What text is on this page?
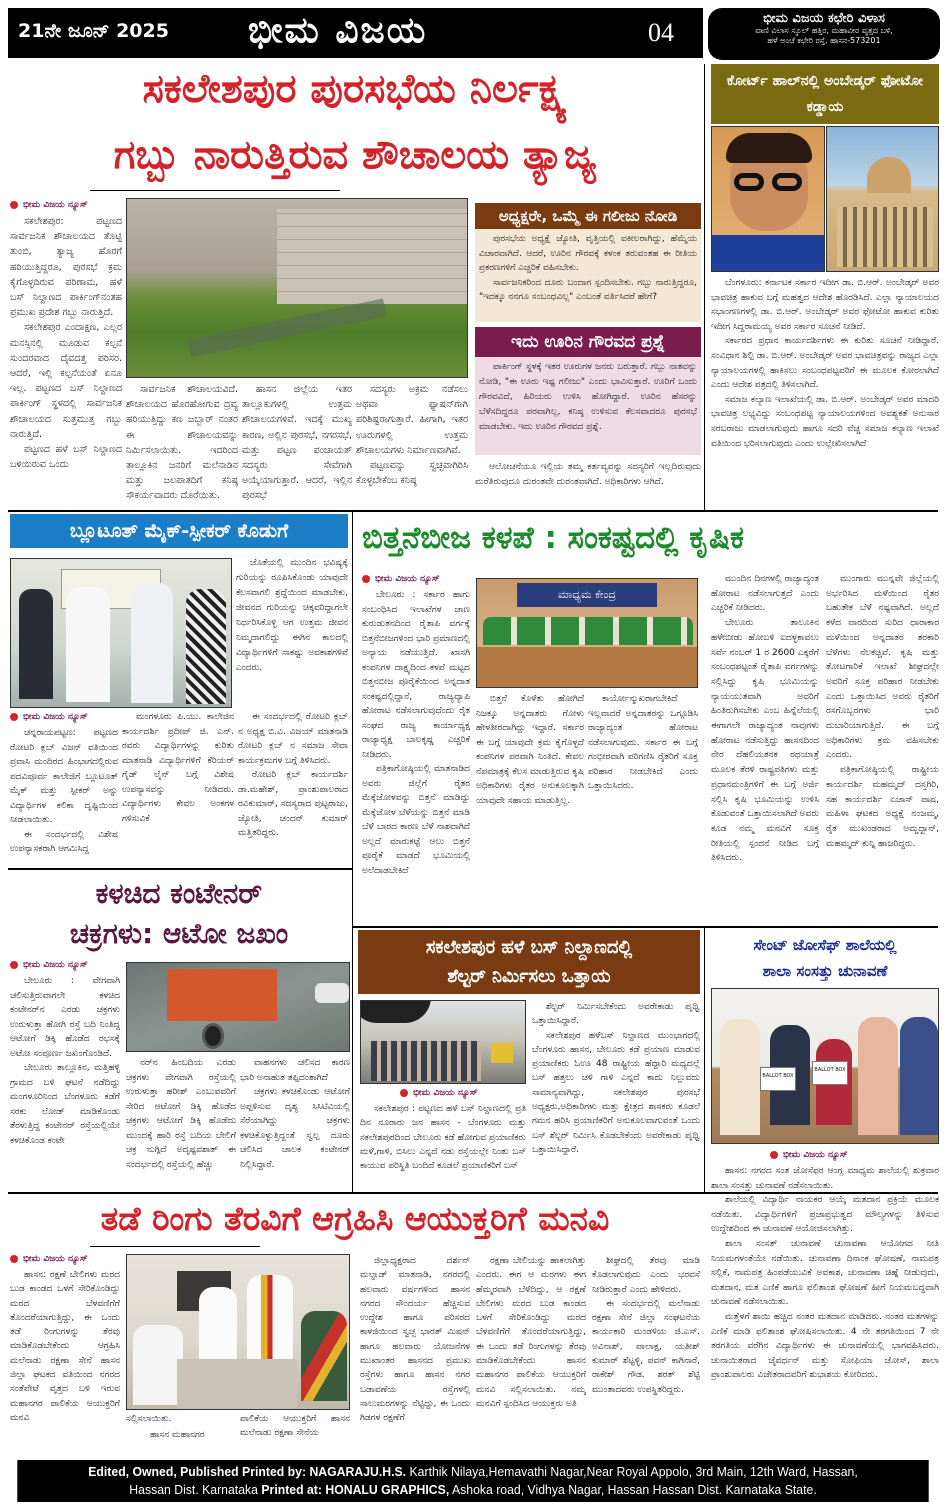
21ನೇ ಜೂನ್ 2025 ಭೀಮ ವಿಜಯ	04	ಭೀಮ ವಿಜಯ ಕಛೇರಿ ವಿಳಾಸ
ವಾಣಿ ವಿಲಾಸ ಸ್ಕೂಲ್ ಹತ್ತಿರ, ಮಹಾವೀರ ವೃತ್ತದ ಬಳಿ,
ಹಳೆ ಅಂಚೆ ಕಛೇರಿ ರಸ್ತೆ, ಹಾಸನ-573201
ಸಕಲೇಶಪುರ ಪುರಸಭೆಯ ನಿರ್ಲಕ್ಷ್ಯ
ಗಬ್ಬು ನಾರುತ್ತಿರುವ ಶೌಚಾಲಯ ತ್ಯಾಜ್ಯ
ಭೀಮ ವಿಜಯ ನ್ಯೂಸ್

ಸಕಲೇಶಪುರ: ಪಟ್ಟಣದ ಸಾರ್ವಜನಿಕ ಶೌಚಾಲಯದ ತೊಟ್ಟಿ ತುಂಬಿ, ತ್ಯಾಜ್ಯ ಹೊರಗೆ ಹರಿಯುತ್ತಿದ್ದರೂ, ಪುರಸಭೆ ಕ್ರಮ ಕೈಗೊಳ್ಳದಿರುವ ಪರಿಣಾಮ, ಹಳೆ ಬಸ್ ನಿಲ್ದಾಣದ ಪಾರ್ಕಿಂಗ್‌ನಂತಹ ಪ್ರಮುಖ ಪ್ರದೇಶ ಗಬ್ಬು ನಾರುತ್ತಿದೆ.

ಸಕಲೇಶಪುರ ಎಂದಾಕ್ಷಣ, ಎಲ್ಲರ ಮನಸ್ಸಿನಲ್ಲಿ ಮೂಡುವ ಕಲ್ಪನೆ ಸುಂದರವಾದ ದೈವದತ್ತ ಪರಿಸರ. ಆದರೆ, ಇಲ್ಲಿ ಕಲ್ಪನೆಯಂತೆ ಏನೂ ಇಲ್ಲ. ಪಟ್ಟಣದ ಬಸ್ ನಿಲ್ದಾಣದ ಪಾರ್ಕಿಂಗ್ ಸ್ಥಳದಲ್ಲಿ ಸಾರ್ವಜನಿಕ ಶೌಚಾಲಯದ ಸುತ್ತಮುತ್ತ ಗಬ್ಬು ನಾರುತ್ತಿದೆ.

ಪಟ್ಟಣದ ಹಳೆ ಬಸ್ ನಿಲ್ದಾಣದ ಬಳಿಯಿರುವ ಒಂದು

ಸಾರ್ವಜನಿಕ ಶೌಚಾಲಯವಿದೆ. ಶೌಚಾಲಯದ ಹೊರಹೋಗುವ ದ್ರವ್ಯ ಹರಿಯುತ್ತಿದ್ದು ಕಣ ಜಬ್ಬಾರ್ ನಂತರ ಈ ಶೌಚಾಲಯವನ್ನು ನಿರ್ಮಿಸಲಾಯಿತು. ಇದರಿಂದ ತಾಲ್ಲೂಕಿನ ಜನರಿಗೆ ಮಲೆನಾಡಿನ ಮತ್ತು ಜಲಪಾತದಿಗೆ ಕನಿಷ್ಠ ಸೌಕರ್ಯವಾದರು ದೊರೆಯಿತು.

ಹಾಸನ ಜಿಲ್ಲೆಯ ಇತರ ತಾಲ್ಲೂಕುಗಳಲ್ಲಿ ಉತ್ತಮ ಶೌಚಾಲಯಗಳಿವೆ. ಇದಕ್ಕೆ ಮುಖ್ಯ ಕಾರಣ, ಅಲ್ಲಿನ ಪುರಸಭೆ, ನಗರಸಭೆ, ಮತ್ತು ಪಟ್ಟಣ ಪಂಚಾಯತ್ ಸದಸ್ಯರು ಸೇವೆಗಾಗಿ ಅಯ್ಕೆಯಾಗುತ್ತಾರೆ. ಆದರೆ, ಇಲ್ಲಿನ ಪುರಸಭೆ

ಸದಸ್ಯರು ಅಕ್ರಮ ನಡೆಸಲು ಅಥವಾ ಫ್ಯಾಷನ್‌ಗಾಗಿ ಪರಿಶಿಷ್ಟರಾಗುತ್ತಾರೆ. ಹೀಗಾಗಿ, ಇತರ ಊರುಗಳಲ್ಲಿ ಉತ್ತಮ ಶೌಚಾಲಯಗಳು ನಿರ್ಮಾಣವಾಗಿವೆ.

ಪಟ್ಟಣವನ್ನು ಸ್ವಚ್ಛವಾಗಿರಿಸಿ ಕೊಳ್ಳಬೇಕೆಂಬ ಕನಿಷ್ಠ

ಅಧ್ಯಕ್ಷರೇ, ಒಮ್ಮೆ ಈ ಗಲೀಜು ನೋಡಿ

ಪುರಸಭೆಯ ಅಧ್ಯಕ್ಷೆ ಜ್ಯೋತಿ, ವೃತ್ತಿಯಲ್ಲಿ ವಕೀಲರಾಗಿದ್ದು, ಹೆಮ್ಮೆಯ ವಿಚಾರವಾಗಿದೆ. ಆದರೆ, ಊರಿನ ಗೌರವಕ್ಕೆ ಕಳಂಕ ತರುವಂತಹ ಈ ರೀತಿಯ ಪ್ರಕರಣಗಳಿಗೆ ಎಚ್ಚರಿಕೆ ವಹಿಸಬೇಕು.

ಸಾರ್ವಜನಿಕರಿಂದ ದೂರು ಬಂದಾಗ ಸ್ಪಂದಿಸಬೇಕು. ಗಬ್ಬು ನಾರುತ್ತಿದ್ದರೂ, "ಇದಕ್ಕೂ ನನಗೂ ಸಂಬಂಧವಿಲ್ಲ" ಎಂಬಂತೆ ವರ್ತಿಸಿದರೆ ಹೇಗೆ?

ಇದು ಊರಿನ ಗೌರವದ ಪ್ರಶ್ನೆ

ಪಾರ್ಕಿಂಗ್ ಸ್ಥಳಕ್ಕೆ ಇತರ ಊರುಗಳ ಜನರು ಬರುತ್ತಾರೆ. ಗಬ್ಬು ನಾತವನ್ನು ನೋಡಿ, "ಈ ಊರು ಇಷ್ಟ ಗಲೀಜು" ಎಂದು ಭಾವಿಸುತ್ತಾರೆ. ಊರಿಗೆ ಒಂದು ಗೌರವವಿದೆ, ಹಿರಿಯರು ಉಳಿಸಿ ಹೋಗಿದ್ದಾರೆ. ಊರಿನ ಹೆಸರನ್ನು ಬೆಳೆಸದಿದ್ದರೂ ಪರವಾಗಿಲ್ಲ, ಕನಿಷ್ಠ ಉಳಿಸುವ ಕೆಲಸವಾದರೂ ಪುರಸಭೆ ಮಾಡಬೇಕು. ಇದು ಊರಿನ ಗೌರವದ ಪ್ರಶ್ನೆ.

ಆಲೋಚನೆಯೂ ಇಲ್ಲಿಯ ತಮ್ಮ ಕರ್ತವ್ಯವನ್ನು ಸದಸ್ಯರಿಗೆ ಇಲ್ಲದಿರುವುದು ಮರೆತಿರುವುದೂ ದುರಂತವೇ ದುರಂತವಾಗಿದೆ. ಅಧಿಕಾರಿಗಳು ಆಗಿದೆ.

ಕೋರ್ಟ್ ಹಾಲ್‌ನಲ್ಲಿ ಅಂಬೇಡ್ಕರ್ ಫೋಟೋ ಕಡ್ಡಾಯ

ಬೆಂಗಳೂರು: ಕರ್ನಾಟಕ ಸರ್ಕಾರ ಇದೀಗ ಡಾ. ಬಿ.ಆರ್. ಅಂಬೇಡ್ಕರ್ ಅವರ ಭಾವಚಿತ್ರ ಹಾಕುವ ಬಗ್ಗೆ ಮಹತ್ವದ ಆದೇಶ ಹೊರಡಿಸಿದೆ. ಎಲ್ಲಾ ನ್ಯಾಯಾಲಯದ ಸಭಾಂಗಣಗಳಲ್ಲಿ ಡಾ. ಬಿ.ಆರ್. ಅಂಬೇಡ್ಕರ್ ಅವರ ಫೋಟೋ ಹಾಕುವ ಕುರಿತು ಇದೀಗ ಸಿದ್ದರಾಮಯ್ಯ ಅವರ ಸರ್ಕಾರ ಸೂಚನೆ ನೀಡಿದೆ.

ಸರ್ಕಾರದ ಪ್ರಧಾನ ಕಾರ್ಯದರ್ಶಿಗಳು ಈ ಕುರಿತು ಸೂಚನೆ ನೀಡಿದ್ದಾರೆ. ಸಂವಿಧಾನ ಶಿಲ್ಪಿ ಡಾ. ಬಿ.ಆರ್. ಅಂಬೇಡ್ಕರ್ ಅವರ ಭಾವಚಿತ್ರವನ್ನು ರಾಜ್ಯದ ಎಲ್ಲಾ ನ್ಯಾಯಾಲಯಗಳಲ್ಲಿ ಹಾಕಿಸಲು ಸಂಬಂಧಪಟ್ಟವರಿಗೆ ಈ ಮೂಲಕ ಕೋರಲಾಗಿದೆ ಎಂದು ಆದೇಶ ಪತ್ರದಲ್ಲಿ ತಿಳಿಸಲಾಗಿದೆ.

ಸಮಾಜ ಕಲ್ಯಾಣ ಇಲಾಖೆಯಲ್ಲಿ ಡಾ. ಬಿ.ಆರ್. ಅಂಬೇಡ್ಕರ್ ಅವರ ಮಾದರಿ ಭಾವಚಿತ್ರ ಲಭ್ಯವಿದ್ದು ಸಂಬಂಧಪಟ್ಟ ನ್ಯಾಯಾಲಯಗಳಿಂದ ಅವಶ್ಯಕತೆ ಅನುಸಾರ ಸರಬರಾಜು ಮಾಡಲಾಗುವುದು ಹಾಗೂ ಸದರಿ ವೆಚ್ಚ ಸಮಾಜ ಕಲ್ಯಾಣ ಇಲಾಖೆ ವತಿಯಿಂದ ಭರಿಸಲಾಗುವುದು ಎಂದು ಉಲ್ಲೇಖಿಸಲಾಗಿದೆ

ಬ್ಲೂಟೂತ್ ಮೈಕ್-ಸ್ಪೀಕರ್ ಕೊಡುಗೆ

ಜೊತೆಯಲ್ಲಿ ಮುಂದಿನ ಭವಿಷ್ಯಕ್ಕೆ ಗುರಿಯನ್ನು ರೂಪಿಸಿಕೊಂಡು ಯಾವುದೇ ಕೆಲಸವಾಗಲಿ ಶ್ರದ್ಧೆಯಿಂದ ಮಾಡಬೇಕು, ಜೀವನದ ಗುರಿಯನ್ನು ಚಿಕ್ಕವರಿದ್ದಾಗಲೇ ನಿರ್ಧರಿಸಿಕೊಳ್ಳಿ ಆಗ ಉತ್ತಮ ಜೀವನ ನಿಮ್ಮದಾಗಲಿದ್ದು ಈಗಿನ ಕಾಲದಲ್ಲಿ ವಿದ್ಯಾರ್ಥಿಗಳಿಗೆ ಸಾಕಷ್ಟು ಅವಕಾಶಗಳಿವೆ ಎಂದರು.

ಭೀಮ ವಿಜಯ ನ್ಯೂಸ್

ಚನ್ನರಾಯಪಟ್ಟಣ: ಪಟ್ಟಣದ ರೋಟರಿ ಕ್ಲಬ್ ವಿಜನ್ ವತಿಯಿಂದ ಪ್ರವಾಸಿ ಮಂದಿರದ ಹಿಂಭಾಗದಲ್ಲಿರುವ ಪದವಿಪೂರ್ವ ಕಾಲೇಜಿಗೆ ಬ್ಲೂಟೂತ್ ಮೈಕ್ ಮತ್ತು ಸ್ಪೀಕರ್ ಅನ್ನು ವಿದ್ಯಾರ್ಥಿಗಳ ಕಲಿಕಾ ದೃಷ್ಟಿಯಿಂದ ನೀಡಲಾಯಿತು.

ಈ ಸಂದರ್ಭದಲ್ಲಿ ವಿಶೇಷ ಉಪನ್ಯಾಸಕರಾಗಿ ಆಗಮಿಸಿದ್ದ

ಮಂಗಳೂರು ಪಿ.ಯು. ಕಾಲೇಜಿನ ಕಾರ್ಯದರ್ಶಿ ಪ್ರದೀಪ್ ಜಿ. ಎನ್. ರವರು ವಿದ್ಯಾರ್ಥಿಗಳನ್ನು ಕುರಿತು ಮಾತನಾಡಿ ವಿದ್ಯಾರ್ಥಿಗಳಿಗೆ ಕೆರಿಯರ್ ಗೈಡ್ ಲೈನ್ ಬಗ್ಗೆ ವಿಶೇಷ ಉಪನ್ಯಾಸವನ್ನು ನೀಡಿದರು. ವಿದ್ಯಾರ್ಥಿಗಳು ಕೇವಲ ಅಂಕಗಳ ಗಳಿಸುವಿಕೆ

ಈ ಸಂದರ್ಭದಲ್ಲಿ ರೋಟರಿ ಕ್ಲಬ್ ನ ಅಧ್ಯಕ್ಷ ಬಿ.ವಿ. ವಿಜಯ್ ಮಾತನಾಡಿ ರೋಟರಿ ಕ್ಲಬ್ ನ ಸಮಾಜ ಸೇವಾ ಕಾರ್ಯಕ್ರಮಗಳ ಬಗ್ಗೆ ತಿಳಿಸಿದರು.

ರೋಟರಿ ಕ್ಲಬ್ ಕಾರ್ಯದರ್ಶಿ ಡಾ.ಮಹೇಶ್, ಪ್ರಾಂಶುಪಾಲರಾದ ರವಿಕುಮಾರ್, ಸದಸ್ಯರಾದ ಪುಟ್ಟರಾಜು, ಜ್ಯೋತಿ, ಚಂದನ್ ಕುಮಾರ್ ಮತ್ತಿತರಿದ್ದರು.

ಬಿತ್ತನೆಬೀಜ ಕಳಪೆ : ಸಂಕಷ್ಟದಲ್ಲಿ ಕೃಷಿಕ
ಭೀಮ ವಿಜಯ ನ್ಯೂಸ್

ಬೇಲೂರು : ಸರ್ಕಾರ ಹಾಗು ಸಂಬಂಧಿಸಿದ ಇಲಾಖೆಗಳ ಜಾಣ ಕುರುಡುತನದಿಂದ ರೈತಾಪಿ ವರ್ಗಕ್ಕೆ ಬಿತ್ತನೆಬೀಜಗಳಿಂದ ಭಾರಿ ಪ್ರಮಾಣದಲ್ಲಿ ಅನ್ಯಾಯ ನಡೆಯುತ್ತಿದೆ. ಖಾಸಗಿ ಕಂಪನಿಗಳ ದಾಕ್ಷ್ಯದಿಂದ ಕಳಪೆ ಮಟ್ಟದ ಬಿತ್ತನಬೀಜ ಪೂರೈಕೆಯಿಂದ ಅನ್ನದಾತ ಸಂಕಷ್ಟದಲ್ಲಿದ್ದಾನೆ, ರಾಜ್ಯವ್ಯಾಪಿ ಹೋರಾಟ ನಡೆಸಲಾಗುವುದೆಂದು ರೈತ ಸಂಘದ ರಾಜ್ಯ ಕಾರ್ಯಾಧ್ಯಕ್ಷ ರಾಜ್ಯಾಧ್ಯಕ್ಷ ಬಾಲಕೃಷ್ಣ ಎಚ್ಚರಿಕೆ ನೀಡಿದರು.

ಪತ್ರಿಕಾಗೋಷ್ಠಿಯಲ್ಲಿ ಮಾತನಾಡಿದ ಅವರು ಜಿಲ್ಲೆಗೆ ರೈತರ ಮೆಕ್ಕೆಜೋಳವನ್ನು ಬಿತ್ತನೆ ಮಾಡಿದ್ದು ಮೆಕ್ಕೆಜೋಳ ಬೆಳೆಯನ್ನು ಬಿತ್ತನೆ ಮಾಡಿ ಬೆಳೆ ಬಾರದ ಕಾರಣ ಬೆಳೆ ನಾಶವಾಗಿದೆ ಅಲ್ಲದೆ ಮಾರುಕಟ್ಟೆ ಆಲು ಬಿತ್ತನೆ ಪೂರೈಕೆ ಮಾಡದೆ ಭೂಮಿಯಲ್ಲಿ ಅಲೆದಾಡಬೇಕಿದೆ

ಮಾಧ್ಯಮ ಕೇಂದ್ರ

ಬಿತ್ತನೆ ಕೊಳೆತು ಹೋಗಿದೆ ನಿಜಕ್ಕೂ ಅನ್ನದಾತರು ಗೋಳು ಹೇಳತೀರದಾಗಿದ್ದು ಇದ್ದಾರೆ. ಸರ್ಕಾರ ಈ ಬಗ್ಗೆ ಯಾವುದೇ ಕ್ರಮ ಕೈಗೊಳ್ಳದೆ ಕಂಪನಿಗಳ ಪರವಾಗಿ ನಿಂತಿದೆ. ಕೇವಲ ನೆಪಮಾತ್ರಕ್ಕೆ ಕೆಲಸ ಮಾಡುತ್ತಿರುವ ಕೃಷಿ ಅಧಿಕಾರಿಗಳು ರೈತರ ಅನುಕೂಲಕ್ಕಾಗಿ ಯಾವುದೇ ಸಹಾಯ ಮಾಡುತ್ತಿಲ್ಲ.

ಕಾರ್ಯೋನ್ಮುಖರಾಗಬೇಕಿದೆ ಇಲ್ಲವಾದರೆ ಅನ್ನದಾತರನ್ನು ಒಗ್ಗೂಡಿಸಿ ರಾಜ್ಯಾದ್ಯಂತ ಹೋರಾಟ ನಡೆಸಲಾಗುವುದು. ಸರ್ಕಾರ ಈ ಬಗ್ಗೆ ಗಂಭೀರವಾಗಿ ಪರಿಗಣಿಸಿ ರೈತರಿಗೆ ಸೂಕ್ತ ಪರಿಹಾರ ನೀಡಬೇಕಿದೆ ಎಂದು ಒತ್ತಾಯಿಸಿದರು.

ಮುಂದಿನ ದಿನಗಳಲ್ಲಿ ರಾಜ್ಯಾದ್ಯಂತ ಹೋರಾಟ ನಡೆಸಲಾಗುತ್ತದೆ ಎಂದು ಎಚ್ಚರಿಕೆ ನೀಡಿದರು.

ಬೇಲೂರು ತಾಲೂಕಿನ ಹಳೇಬೀಡು ಹೋಬಳಿ ಐದಳ್ಳಕಾವಲು ಸರ್ವೆ ನಂಬರ್ 1 ರ 2600 ಎಕ್ಕರೆಗೆ ಸಂಬಂಧಪಟ್ಟಂತೆ ರೈತಾಪಿ ವರ್ಗಗಳನ್ನು ಸಲ್ಲಿಸಿದ್ದು ಕೃಷಿ ಭೂಮಿಯನ್ನು ನ್ಯಾಯಯುತವಾಗಿ ಅವರಿಗೆ ಹಿಂತಿರುಗಿಸಬೇಕು ಎಂಬ ಹಿನ್ನೆಲೆಯಲ್ಲಿ ಈಗಾಗಲೇ ರಾಜ್ಯಾದ್ಯಂತ ನಾವುಗಳು ಹೋರಾಟ ನಡೆಸುತ್ತಿದ್ದು ಹಾಸನದಿಂದ ನೇರ ದೆಹಲಿಯತನಕ ರಥಯಾತ್ರೆ ಮೂಲಕ ತೆರಳಿ ರಾಷ್ಟ್ರಪತಿಗಳು ಮತ್ತು ಪ್ರಧಾನಮಂತ್ರಿಗಳಿಗೆ ಈ ಬಗ್ಗೆ ಅರ್ಜಿ ಸಲ್ಲಿಸಿ ಕೃಷಿ ಭೂಮಿಯನ್ನು ಉಳಿಸಿ ಕೊಡುವಂತೆ ಒತ್ತಾಯಿಸಲಾಗಿದೆ ಅವರು ಕೂಡ ನಮ್ಮ ಮನವಿಗೆ ಸೂಕ್ತ ರೀತಿಯಲ್ಲಿ ಸ್ಪಂದನೆ ನೀಡಿದ ಬಗ್ಗೆ ತಿಳಿಸಿದರು.

ಮುಂಗಾರು ಮುನ್ನವೇ ಜಿಲ್ಲೆಯಲ್ಲಿ ಅರ್ಭರಿಸಿದ ಮಳೆಯಿಂದ ರೈತರ ಬಹುತೇಕ ಬೆಳೆ ನಷ್ಟವಾಗಿದೆ. ಅಲ್ಲದೆ ಕಳೆದ ವಾರದಿಂದ ಸುರಿದ ಧಾರಾಕಾರ ಮಳೆಯಿಂದ ಅನ್ನದಾತರ ತರಕಾರಿ ಬೆಳೆಗಳು ನೆಲಕಚ್ಚಿವೆ. ಕೃಷಿ ಮತ್ತು ತೋಟಗಾರಿಕೆ ಇಲಾಖೆ ಶೀಘ್ರದಲ್ಲೇ ಅವರಿಗೆ ಸೂಕ್ತ ಪರಿಹಾರ ನೀಡಬೇಕು ಎಂದು ಒತ್ತಾಯಿಸಿದ ಅವರು ರೈತರಿಗೆ ರಸಗೊಬ್ಬರಗಳು ಭಾರಿ ದುಬಾರಿಯಾಗುತ್ತಿದೆ. ಈ ಬಗ್ಗೆ ಅಧಿಕಾರಿಗಳು ಕ್ರಮ ವಹಿಸಬೇಕು ಎಂದರು.

ಪತ್ರಿಕಾಗೋಷ್ಠಿಯಲ್ಲಿ ರಾಷ್ಟ್ರೀಯ ಕಾರ್ಯದರ್ಶಿ ಮಹಮ್ಮದ್ ದಸ್ತಗಿರಿ, ಸಹ ಕಾರ್ಯದರ್ಶಿ ಏಜಾಸ್ ಪಾಷ, ಮಹಿಳಾ ಘಟಕದ ಅಧ್ಯಕ್ಷೆ ನಂಜಮ್ಮ, ರೈತ ಮುಖಂಡರಾದ ಅಮ್ಜದ್ಖಾನ್, ಮಹಮ್ಮದ್ ಕುನ್ನಿ ಹಾಜರಿದ್ದರು.

ಕಳಚಿದ ಕಂಟೇನರ್
ಚಕ್ರಗಳು: ಆಟೋ ಜಖಂ
ಭೀಮ ವಿಜಯ ನ್ಯೂಸ್

ಬೇಲೂರು : ವೇಗವಾಗಿ ಚಲಿಸುತ್ತಿರುವಾಗಲೇ ಕಳಚಿದ ಕಂಟೇನರ್‌ನ ಎರಡು ಚಕ್ರಗಳು ಉರುಳುತ್ತಾ ಹೋಗಿ ರಸ್ತೆ ಬದಿ ನಿಂತಿದ್ದ ಆಟೋಗೆ ಡಿಕ್ಕಿ ಹೊಡೆದ ರಭಸಕ್ಕೆ ಅಟೋ ಸಂಪೂರ್ಣ ಜಖಂಗೊಂಡಿದೆ.

ಬೇಲೂರು ತಾಲ್ಲೂಕಿನ, ಮತ್ತಿಹಳ್ಳಿ ಗ್ರಾಮದ ಬಳಿ ಘಟನೆ ನಡೆದಿದ್ದು ಮಂಗಳೂರಿನಿಂದ ಬೆಂಗಳೂರು ಕಡೆಗೆ ಸರಕು ಲೋಡ್ ಮಾಡಿಕೊಂಡು ತೆರಳುತ್ತಿದ್ದ ಕಂಟೇನರ್ ರಸ್ತೆಯಲ್ಲಿಯೇ ಕಳಚಿಕೊಂಡ ಕಂಟೇ

ನರ್‌ನ ಹಿಂಬದಿಯ ಎರಡು ಚಕ್ರಗಳು ವೇಗವಾಗಿ ರಸ್ತೆಯಲ್ಲಿ ಉರುಳುತ್ತಾ ಹರೀಶ್ ಎಂಬುವವರಿಗೆ ಸೇರಿದ ಆಟೋಗೆ ಡಿಕ್ಕಿ ಹೊಡೆದ ಚಕ್ರಗಳು ಆಟೋಗೆ ಡಿಕ್ಕಿ ಹೊಡೆದು ಮುಂದಕ್ಕೆ ಹಾರಿ ರಸ್ತೆ ಬದಿಯ ಬೇಲಿಗೆ ಚಕ್ರ ನುಗ್ಗಿದೆ ಅದೃಷ್ಟವಶಾತ್ ಈ ಸಂದರ್ಭದಲ್ಲಿ ರಸ್ತೆಯಲ್ಲಿ ಹೆಚ್ಚು

ವಾಹನಗಳು ಚಲಿಸದ ಕಾರಣ ಭಾರಿ ಅನಾಹುತ ತಪ್ಪಿದಂತಾಗಿದೆ

ಚಕ್ರಗಳು ಕಳಚಿಕೊಂಡು ಆಟೋಗೆ ಅಪ್ಪಳಿಸುವ ದೃಶ್ಯ ಸಿಸಿಟಿವಿಯಲ್ಲಿ ಸೆರೆಯಾಗಿದ್ದು ಚಕ್ರಗಳು ಕಳಚಿಕೊಳ್ಳುತ್ತಿದ್ದಂತೆ ಸ್ವಲ್ಪ ದೂರು ಚಲಿಸಿದ ಚಾಲಕ ಕಂಟೇನರ್ ನಿಲ್ಲಿಸಿದ್ದಾರೆ.

ಸಕಲೇಶಪುರ ಹಳೆ ಬಸ್ ನಿಲ್ದಾಣದಲ್ಲಿ
ಶೆಲ್ಟರ್ ನಿರ್ಮಿಸಲು ಒತ್ತಾಯ
ಭೀಮ ವಿಜಯ ನ್ಯೂಸ್

ಸಕಲೇಶಪುರ : ಪಟ್ಟಣದ ಹಳೆ ಬಸ್ ನಿಲ್ದಾಣದಲ್ಲಿ ಪ್ರತಿ ದಿನ ನೂರಾರು ಜನ ಹಾಸನ - ಬೆಂಗಳೂರು ಮತ್ತು ಸಕಲೇಶಪುರದಿಂದ ಬೇಲೂರು ಕಡೆ ಹೋಗುವ ಪ್ರಯಾಣಿಕರು ಮಳೆ,ಗಾಳಿ, ಬಿಸಿಲು ಎನ್ನದೆ ನಡು ರಸ್ತೆಯಲ್ಲೇ ನಿಂತು ಬಸ್ ಕಾಯುವ ಪರಿಸ್ಥಿತಿ ಬಂದಿದೆ ಕೂಡಲೆ ಪ್ರಯಾಣಿಕರಿಗೆ ಬಸ್

ಶೆಲ್ಟರ್ ನಿರ್ಮಿಸಬೇಕೆಂದು ಅವರೇಕಾಡು ಪೃಥ್ವಿ ಒತ್ತಾಯಿಸಿದ್ದಾರೆ.

ಸಕಲೇಶಪುರ ಹಳೆಬಸ್ ನಿಲ್ದಾಣದ ಮುಂಭಾಗದಲ್ಲಿ ಬೆಂಗಳೂರು ಹಾಸನ, ಬೇಲೂರು ಕಡೆ ಪ್ರಯಾಣ ಮಾಡುವ ಪ್ರಯಾಣಿಕರು ಓಊ 48 ರಾಷ್ಟ್ರೀಯ ಹೆದ್ದಾರಿ ಮಧ್ಯದಲ್ಲೆ ಬಸ್ ಹತ್ತಲು ಚಳಿ ಗಾಳಿ ಎನ್ನದೆ ಕಾದು ನಿಲ್ಲುವದು ಸಾಮಾನ್ಯವಾಗಿದ್ದು, ಸಕಲೇಶಪುರ ಪುರಸಭೆ ಅಧ್ಯಕ್ಷರು,ಅಧಿಕಾರಿಗಳು ಮತ್ತು ಕ್ಷೇತ್ರದ ಶಾಸಕರು ಕೂಡಲೆ ಗಮನ ಹರಿಸಿ ಪ್ರಯಾಣಿಕರಿಗೆ ಅನುಕೂಲವಾಗುವಂತೆ ಒಂದು ಬಸ್ ಶೆಲ್ಟರ್ ನಿರ್ಮಿಸಿ ಕೊಡಬೇಕೆಂದು ಅವರೇಕಾಡು ಪೃಥ್ವಿ ಒತ್ತಾಯಿಸಿದ್ದಾರೆ.

ಸೇಂಟ್ ಜೋಸೆಫ್ ಶಾಲೆಯಲ್ಲಿ
ಶಾಲಾ ಸಂಸತ್ತು ಚುನಾವಣೆ
BALLOT BOX
BALLOT BOX
ಭೀಮ ವಿಜಯ ನ್ಯೂಸ್

ಹಾಸನ: ನಗರದ ಸಂತ ಜೋಸೆಫರ ಆಂಗ್ಲ ಮಾಧ್ಯಮ ಶಾಲೆಯಲ್ಲಿ ಶುಕ್ರವಾರ ಶಾಲಾ ಸಂಸತ್ತು ಚುನಾವಣೆ ನಡೆಸಲಾಯಿತು.

ಶಾಲೆಯಲ್ಲಿ ವಿದ್ಯಾರ್ಥಿ ನಾಯಕರ ಆಯ್ಕೆ ಮತದಾನ ಪ್ರಕ್ರಿಯೆ ಮೂಲಕ ನಡೆಯಿತು. ವಿದ್ಯಾರ್ಥಿಗಳಿಗೆ ಪ್ರಜಾಪ್ರಭುತ್ವದ ಮೌಲ್ಯಗಳನ್ನು ತಿಳಿಸುವ ಉದ್ದೇಶದಿಂದ ಈ ಚುನಾವಣೆ ಆಯೋಜಿಸಲಾಗಿತ್ತು.

ಶಾಲಾ ಸಂಸತ್ ಚುನಾವಣೆ ಚುನಾವಣಾ ಆಯೋಗದ ನೀತಿ ನಿಯಮಗಳಂತೆಯೇ ನಡೆಯಿತು. ಚುನಾವಣಾ ದಿನಾಂಕ ಘೋಷಣೆ, ನಾಮಪತ್ರ ಸಲ್ಲಿಕೆ, ನಾಮಪತ್ರ ಹಿಂಪಡೆಯುವಿಕೆ ಅವಕಾಶ, ಚುನಾವಣಾ ಚಿಹ್ನೆ ನೀಡುವುದು, ಮತದಾನ, ಮತ ಎಣಿಕೆ ಹಾಗೂ ಫಲಿತಾಂಶ ಘೋಷಣೆ ಹೀಗೆ ನಿಯಮಬದ್ಧವಾಗಿ ಚುನಾವಣೆ ನಡೆಸಲಾಯಿತು.

ಮತ್ತೆಳಗೆ ಶಾಯಿ ಹಚ್ಚಿದ ನಂತರ ಮತದಾನ ಮಾಡಿದರು. ನಂತರ ಮತಗಳನ್ನು ಎಣಿಕೆ ಮಾಡಿ ಫಲಿತಾಂಶ ಘೋಷಿಸಲಾಯಿತು. 4 ನೇ ತರಗತಿಯಿಂದ 7 ನೇ ತರಗತಿಯ ವರೆಗಿನ ವಿದ್ಯಾರ್ಥಿಗಳು ಈ ಚುನಾವಣೆಯಲ್ಲಿ ಭಾಗವಹಿಸಿದರು. ಚುನಾಯಿತರಾದ ಜೈವರ್ಧನ್ ಮತ್ತು ಸೋಫಿಯಾ ಜೋಸ್, ಶಾಲಾ ಪ್ರಾಂಶುಪಾಲರು ವಿಜೇತರಾದವರಿಗೆ ಶುಭಾಶಯ ಕೋರಿದರು.

ತಡೆ ರಿಂಗು ತೆರವಿಗೆ ಆಗ್ರಹಿಸಿ ಆಯುಕ್ತರಿಗೆ ಮನವಿ
ಭೀಮ ವಿಜಯ ನ್ಯೂಸ್

ಹಾಸನ: ರಕ್ಷಣೆ ಬೇಲಿಗಳು ಮರದ ಬುಡ ಕಾಂಡದ ಒಳಗೆ ಸೇರಿಕೊಂಡಿದ್ದು ಮರದ ಬೆಳವಣಿಗೆಗೆ ತೊಂದರೆಯಾಗುತ್ತಿದ್ದು, ಈ ಒಂದು ತಡೆ ರಿಂಗುಗಳನ್ನು ತೆರವು ಮಾಡಿಕೊಡಬೇಕೆಂದು ಆಗ್ರಹಿಸಿ ಮಲೆನಾಡು ರಕ್ಷಣಾ ಸೇನೆ ಹಾಸನ ಜಿಲ್ಲಾ ಘಟಕದ ವತಿಯಿಂದ ನಗರದ ಸಂತೆಪೇಟೆ ವೃತ್ತದ ಬಳಿ ಇರುವ ಮಹಾನಗರ ಪಾಲಿಕೆಯ ಆಯುಕ್ತರಿಗೆ ಮನವಿ	ಸಲ್ಲಿಸಲಾಯಿತು.
ಹಾಸನ ಮಹಾನಗರ
ಪಾಲಿಕೆಯ ಆಯುಕ್ತರಿಗೆ ಹಾಸನ ಮಲೆನಾಡು ರಕ್ಷಣಾ ಸೇನೆಯ

ಜಿಲ್ಲಾಧ್ಯಕ್ಷರಾದ ದರ್ಶನ್ ಮಲ್ನಾಡ್ ಮಾತನಾಡಿ, ನಗರದಲ್ಲಿ ಹಲವಾರು ವರ್ಷಗಳಿಂದ ಹಾಸನ ನಗರದ ಸೌಂದರ್ಯ ಹೆಚ್ಚಿಸುವ ಉದ್ದೇಶ ಹಾಗೂ ಪರಿಸರದ ಕಾಳಜಿಯಿಂದ ಸ್ವಚ್ಛ ಭಾರತ್ ಮಿಷನ್ ಹಾಗೂ ಹಲವಾರು ಯೋಜನೆಗಳ ಮುಖಾಂತರ ಹಾಸನದ ಪ್ರಮುಖ ರಸ್ತೆಗಳು ಹಾಗೂ ಹಾಸನ ನಗರ ಬಡಾವಣೆಯ ರಸ್ತೆಗಳಲ್ಲಿ ಸಾಲುಮರಗಳನ್ನು ನೆಟ್ಟಿದ್ದು, ಈ ಒಂದು ಗಿಡಗಳ ರಕ್ಷಣೆಗೆ

ರಕ್ಷಣಾ ಬೇಲಿಯನ್ನು ಹಾಕಲಾಗಿತ್ತು ಎಂದರು. ಈಗ ಆ ಮರಗಳು ಈಗ ಹೆಮ್ಮರವಾಗಿ ಬೆಳೆದಿದ್ದು, ಆ ರಕ್ಷಣೆ ಬೇಲಿಗಳು ಮರದ ಬುಡ ಕಾಂಡದ ಒಳಗೆ ಸೇರಿಕೊಂಡಿದ್ದು ಮರದ ಬೆಳವಣಿಗೆಗೆ ತೊಂದರೆಯಾಗುತ್ತಿದ್ದು, ಈ ಒಂದು ತಡೆ ರಿಂಗುಗಳನ್ನು ತೆರವು ಮಾಡಿಕೊಡಬೇಕೆಂದು ಹಾಸನ ಮಹಾನಗರ ಪಾಲಿಕೆಯ ಆಯುಕ್ತರಿಗೆ ಮನವಿ ಸಲ್ಲಿಸಲಾಯಿತು. ನಮ್ಮ ಮನವಿಗೆ ಸ್ಪಂದಿಸಿದ ಆಯುಕ್ತರು ಅತಿ

ಶೀಘ್ರದಲ್ಲಿ ತೆರವು ಮಾಡಿ ಕೊಡಲಾಗುವುದು ಎಂದು ಭರವಸೆ ನೀಡಿರುತ್ತಾರೆ ಎಂದು ಹೇಳಿದರು.

ಈ ಸಂದರ್ಭದಲ್ಲಿ ಮಲೆನಾಡು ರಕ್ಷಣಾ ಸೇನೆ ಜಿಲ್ಲಾ ಸಂಘಟನೆಯ ಕಾರ್ಯಕಾರಿ ಮಂಡಳಿಯ ಜಿ.ಎಸ್. ಅವಿನಾಶ್, ಪಾಲಾಕ್ಷ, ಯತೀಶ್ ಕುಮಾರ್ ಶೆಟ್ಟಳ್ಳಿ, ಪವನ್ ಕಾಗಿನಾರೆ, ರಾಕೇಶ್ ಗೌಡ. ಶರತ್ ಶೆಟ್ಟಿ ಮುಂತಾದವರು ಉಪಸ್ಥಿತರಿದ್ದರು.

Edited, Owned, Published Printed by: NAGARAJU.H.S. Karthik Nilaya,Hemavathi Nagar,Near Royal Appolo, 3rd Main, 12th Ward, Hassan,
Hassan Dist. Karnataka Printed at: HONALU GRAPHICS, Ashoka road, Vidhya Nagar, Hassan Hassan Dist. Karnataka State.
